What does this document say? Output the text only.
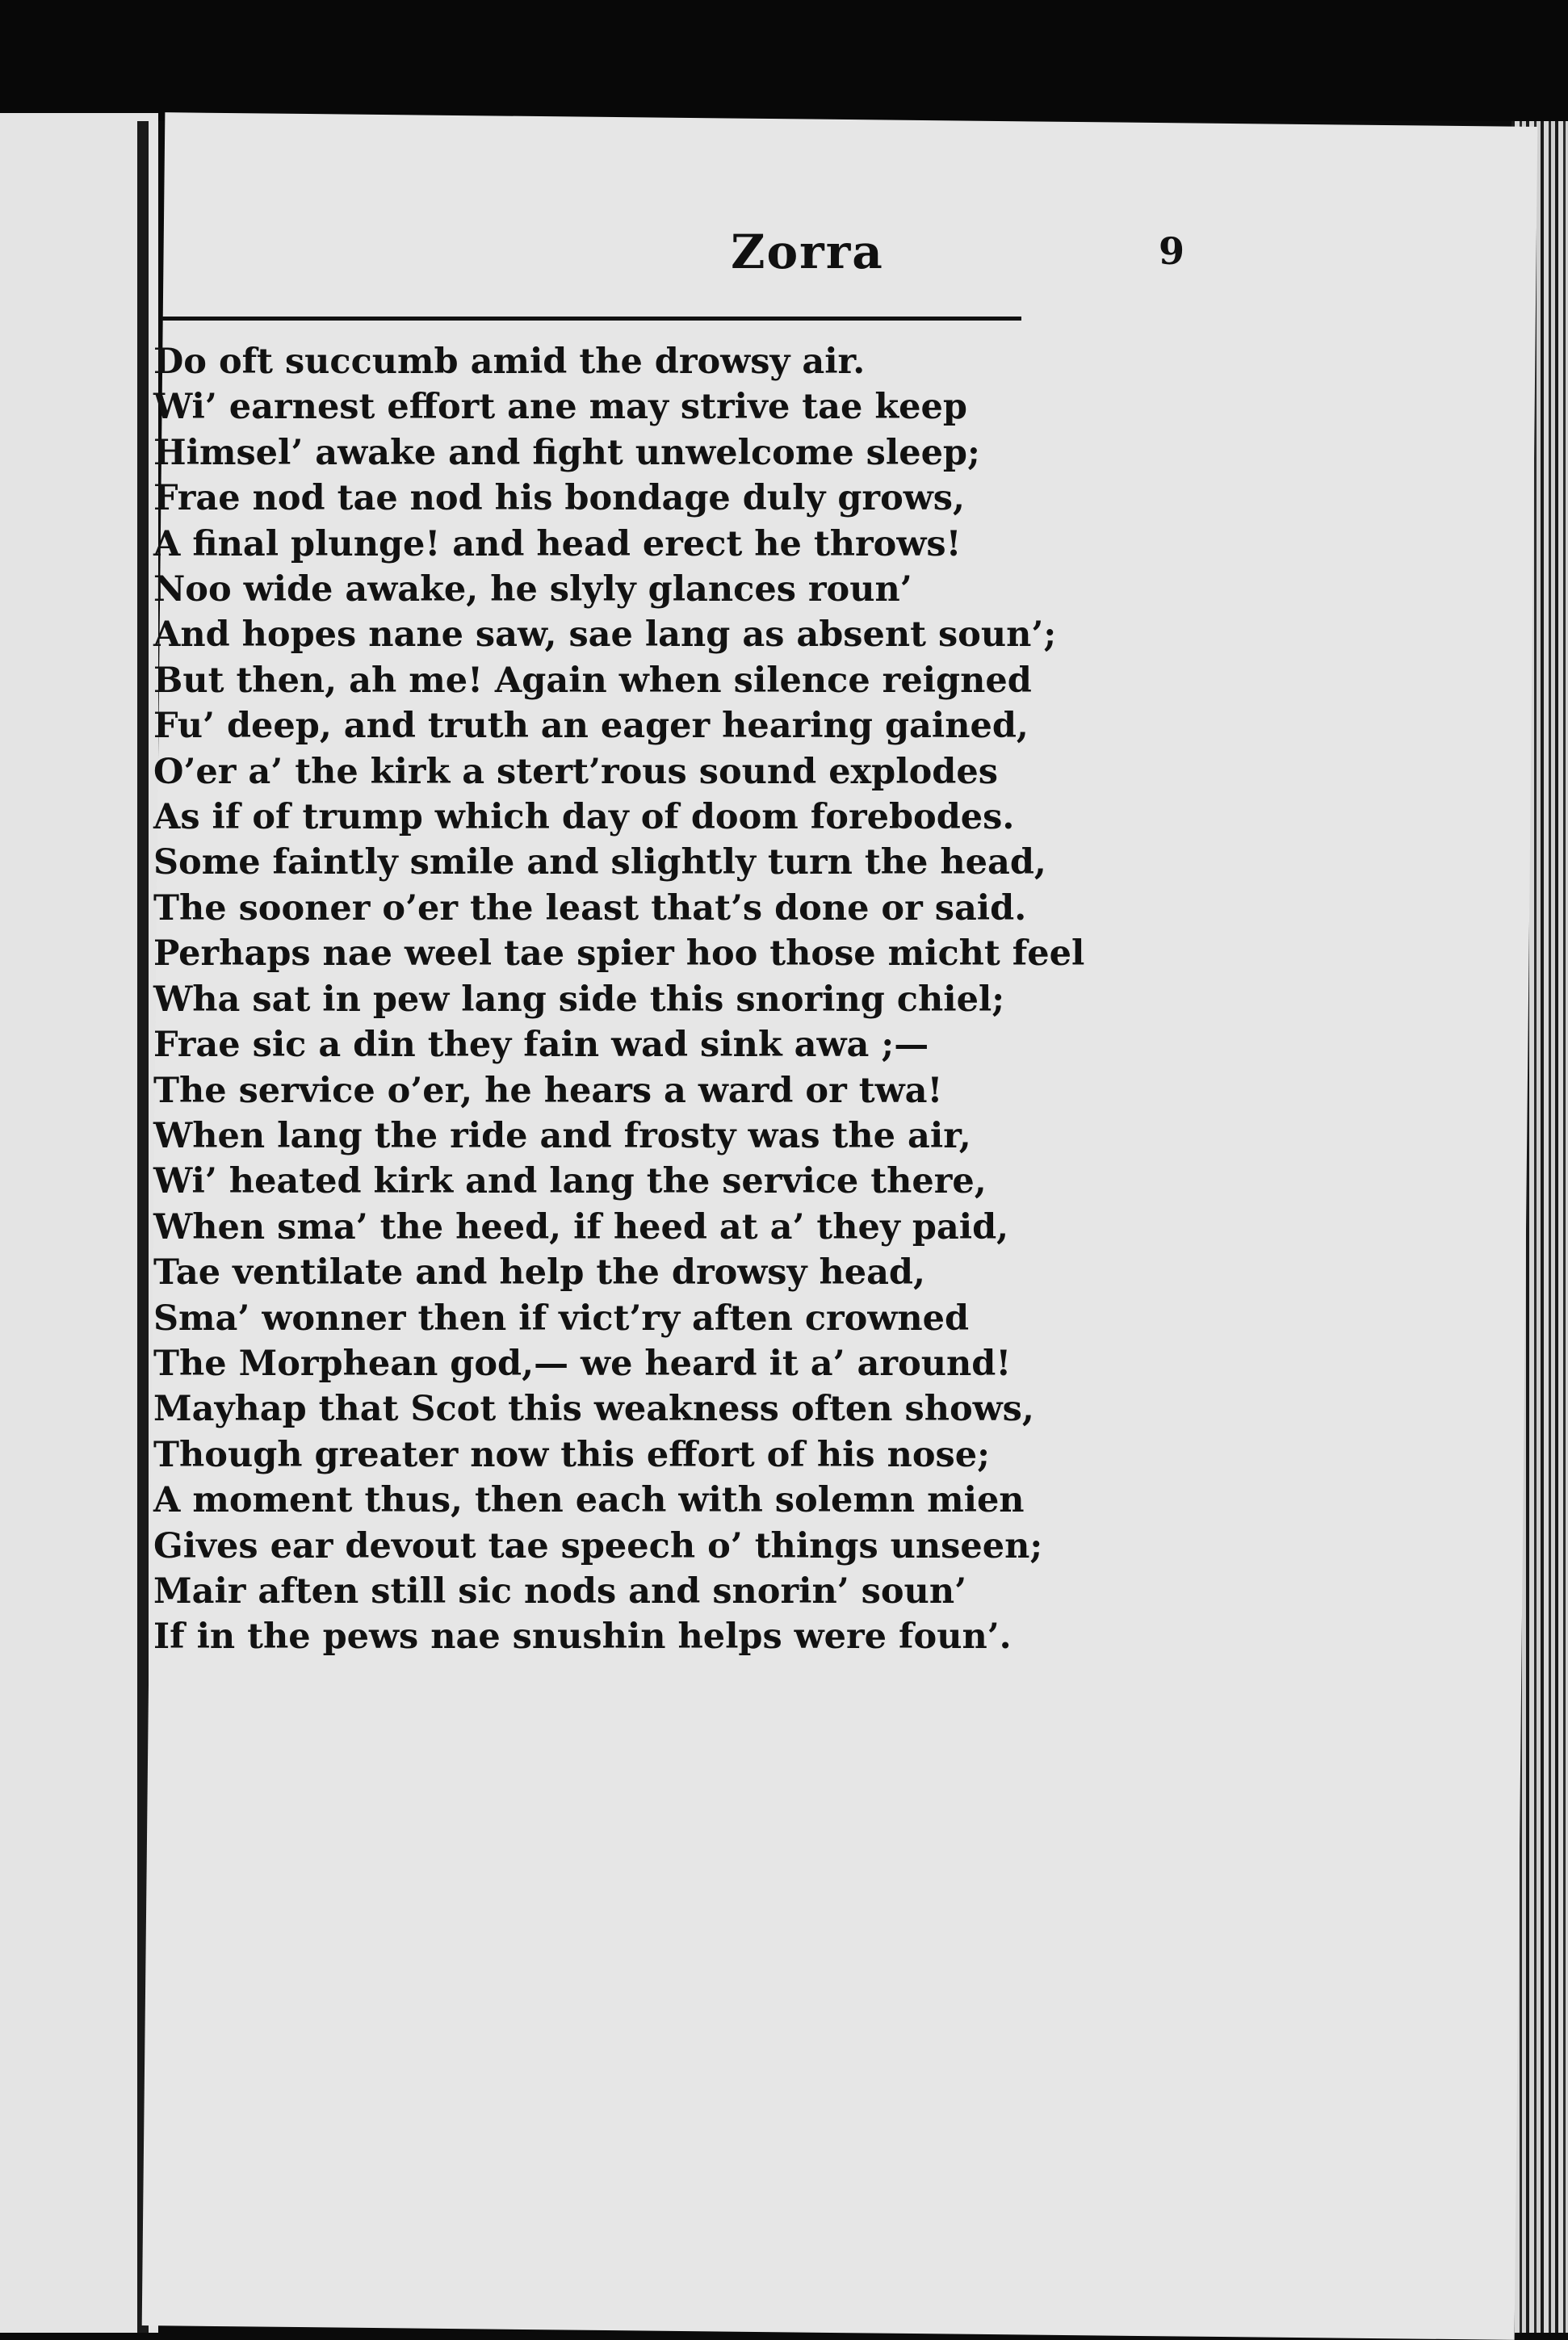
Zorra	9
Do oft succumb amid the drowsy air.
Wi’ earnest effort ane may strive tae keep
Himsel’ awake and fight unwelcome sleep;
Frae nod tae nod his bondage duly grows,
A final plunge! and head erect he throws!
Noo wide awake, he slyly glances roun’
And hopes nane saw, sae lang as absent soun’;
But then, ah me! Again when silence reigned
Fu’ deep, and truth an eager hearing gained,
O’er a’ the kirk a stert’rous sound explodes
As if of trump which day of doom forebodes.
Some faintly smile and slightly turn the head,
The sooner o’er the least that’s done or said.
Perhaps nae weel tae spier hoo those micht feel
Wha sat in pew lang side this snoring chiel;
Frae sic a din they fain wad sink awa ;—
The service o’er, he hears a ward or twa!
When lang the ride and frosty was the air,
Wi’ heated kirk and lang the service there,
When sma’ the heed, if heed at a’ they paid,
Tae ventilate and help the drowsy head,
Sma’ wonner then if vict’ry aften crowned
The Morphean god,— we heard it a’ around!
Mayhap that Scot this weakness often shows,
Though greater now this effort of his nose;
A moment thus, then each with solemn mien
Gives ear devout tae speech o’ things unseen;
Mair aften still sic nods and snorin’ soun’
If in the pews nae snushin helps were foun’.
